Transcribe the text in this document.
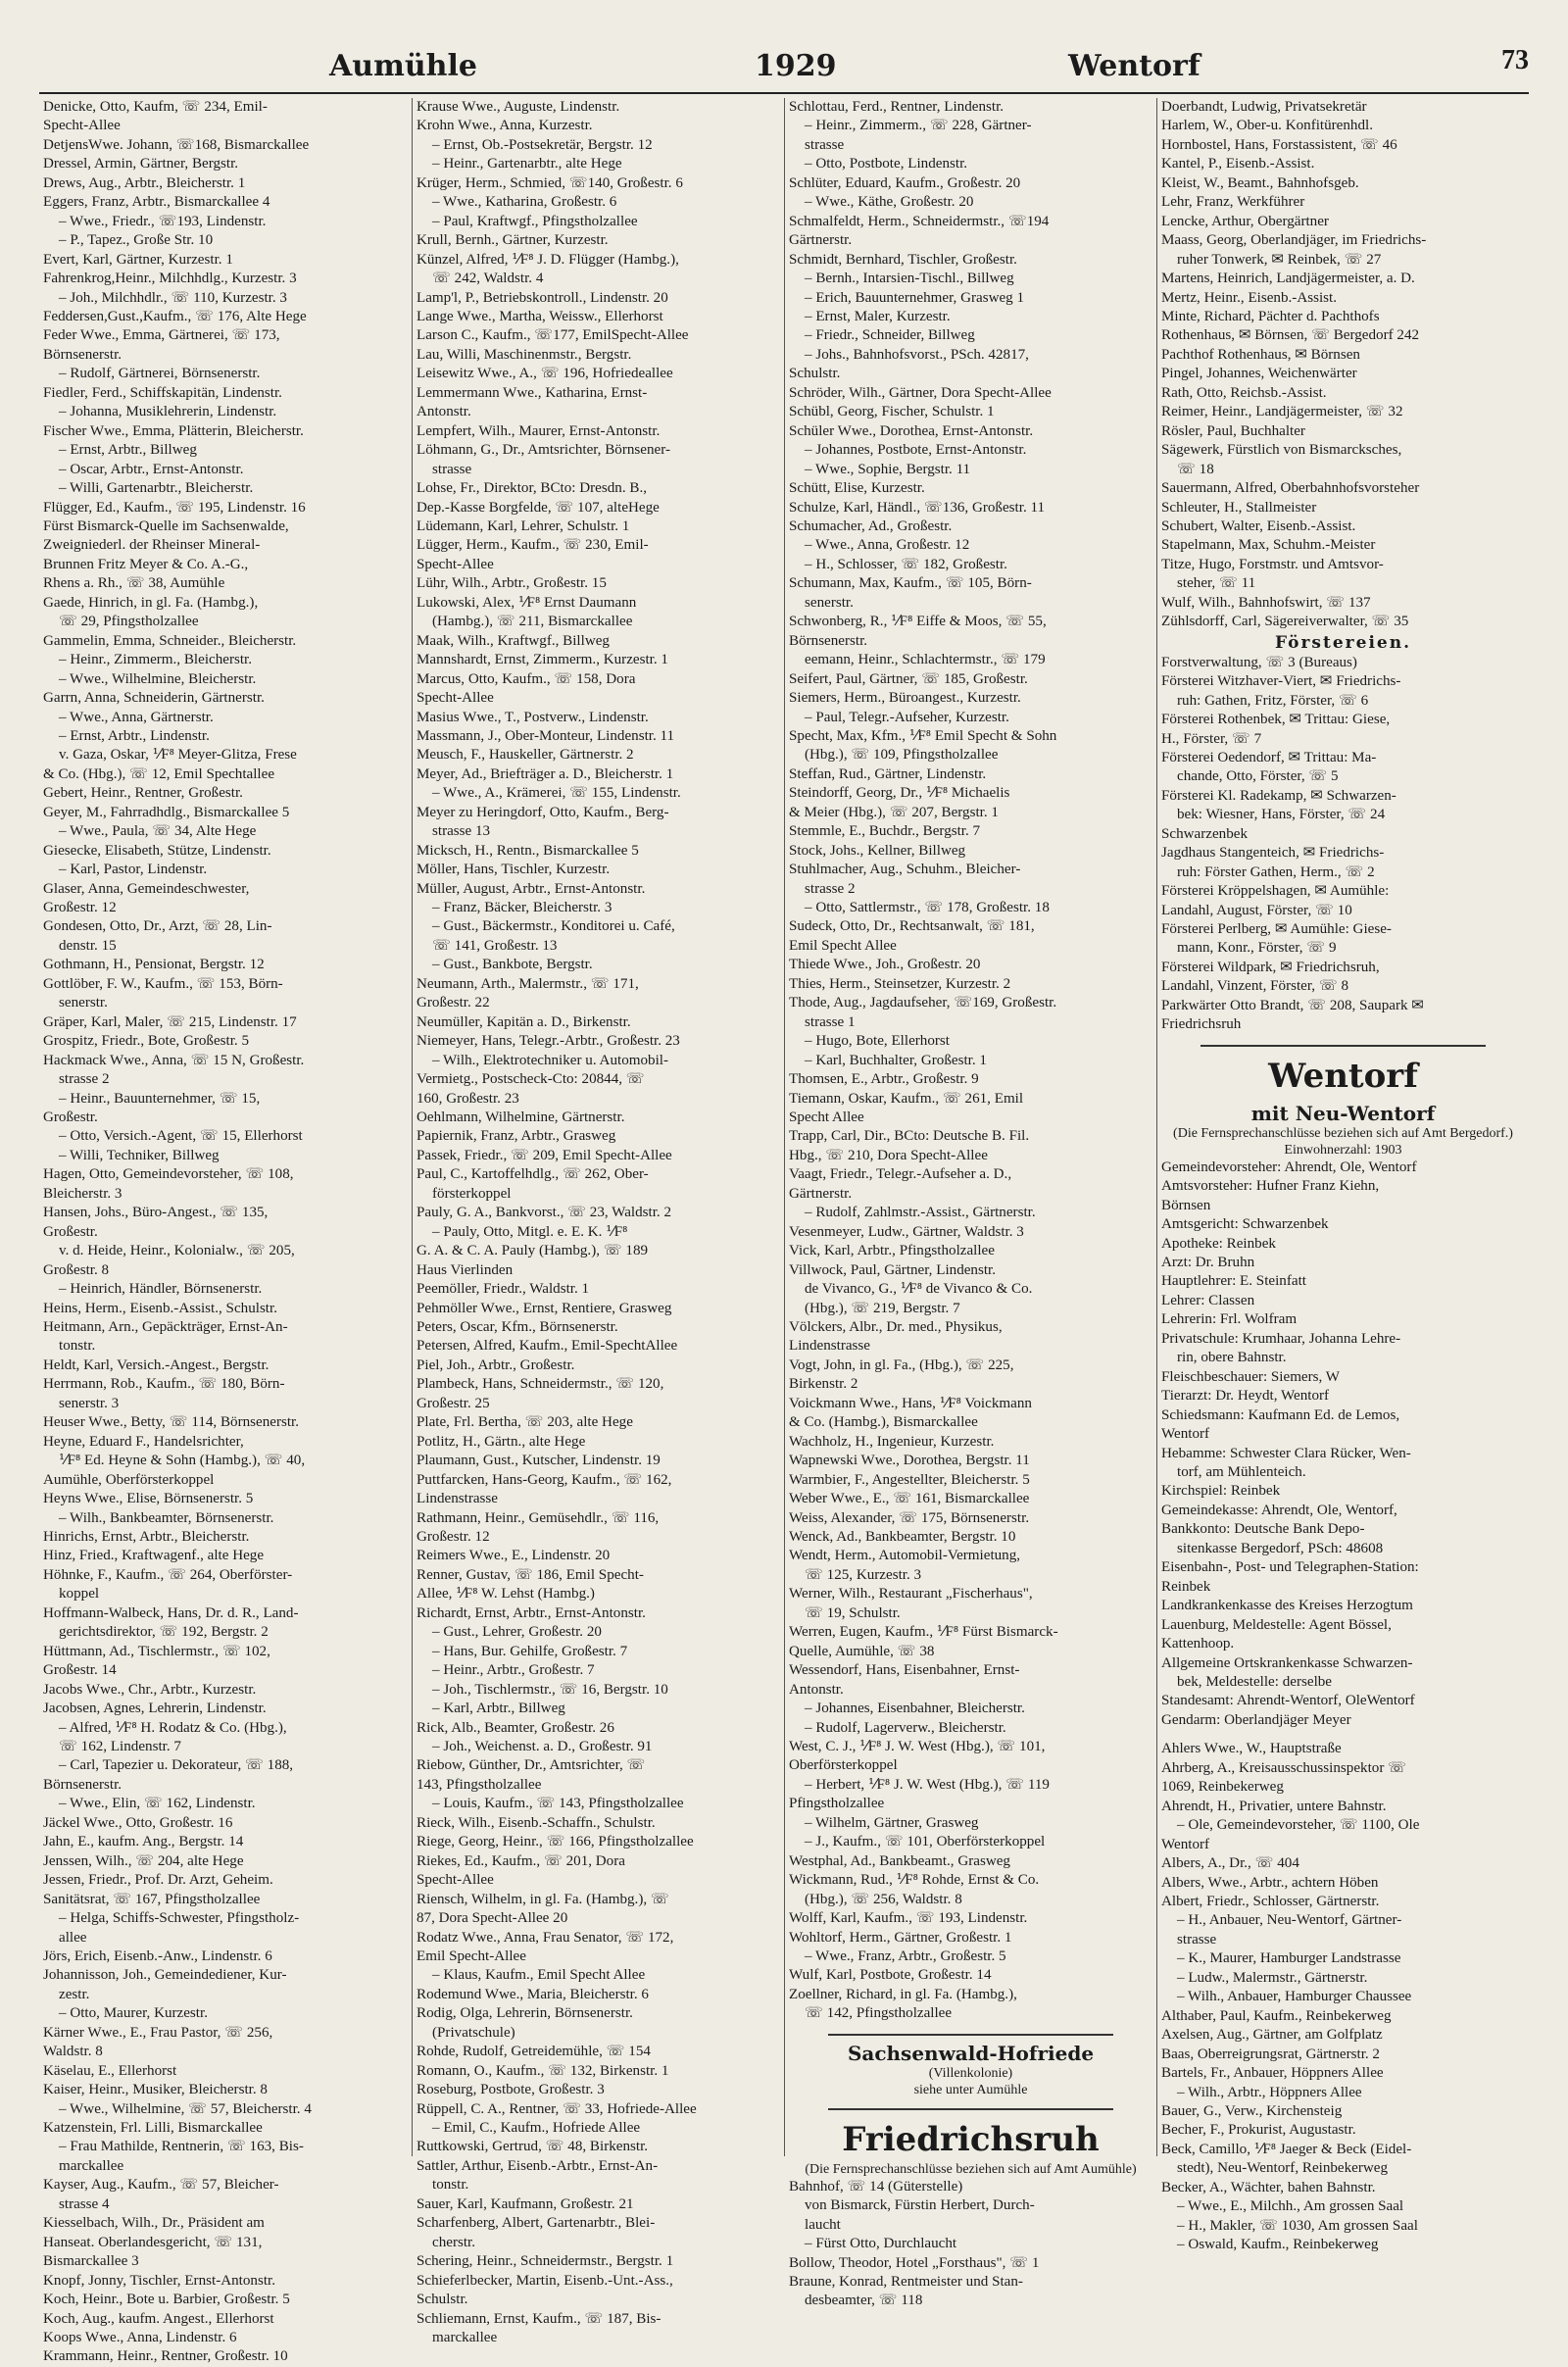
Aumühle	1929	Wentorf	73
Denicke, Otto, Kaufm, ☏ 234, Emil-
Specht-Allee
DetjensWwe. Johann, ☏168, Bismarckallee
Dressel, Armin, Gärtner, Bergstr.
Drews, Aug., Arbtr., Bleicherstr. 1
Eggers, Franz, Arbtr., Bismarckallee 4
– Wwe., Friedr., ☏193, Lindenstr.
– P., Tapez., Große Str. 10
Evert, Karl, Gärtner, Kurzestr. 1
Fahrenkrog,Heinr., Milchhdlg., Kurzestr. 3
– Joh., Milchhdlr., ☏ 110, Kurzestr. 3
Feddersen,Gust.,Kaufm., ☏ 176, Alte Hege
Feder Wwe., Emma, Gärtnerei, ☏ 173,
Börnsenerstr.
– Rudolf, Gärtnerei, Börnsenerstr.
Fiedler, Ferd., Schiffskapitän, Lindenstr.
– Johanna, Musiklehrerin, Lindenstr.
Fischer Wwe., Emma, Plätterin, Bleicherstr.
– Ernst, Arbtr., Billweg
– Oscar, Arbtr., Ernst-Antonstr.
– Willi, Gartenarbtr., Bleicherstr.
Flügger, Ed., Kaufm., ☏ 195, Lindenstr. 16
Fürst Bismarck-Quelle im Sachsenwalde,
Zweigniederl. der Rheinser Mineral-
Brunnen Fritz Meyer & Co. A.-G.,
Rhens a. Rh., ☏ 38, Aumühle
Gaede, Hinrich, in gl. Fa. (Hambg.),
☏ 29, Pfingstholzallee
Gammelin, Emma, Schneider., Bleicherstr.
– Heinr., Zimmerm., Bleicherstr.
– Wwe., Wilhelmine, Bleicherstr.
Garrn, Anna, Schneiderin, Gärtnerstr.
– Wwe., Anna, Gärtnerstr.
– Ernst, Arbtr., Lindenstr.
v. Gaza, Oskar, ⅟F⁸ Meyer-Glitza, Frese
& Co. (Hbg.), ☏ 12, Emil Spechtallee
Gebert, Heinr., Rentner, Großestr.
Geyer, M., Fahrradhdlg., Bismarckallee 5
– Wwe., Paula, ☏ 34, Alte Hege
Giesecke, Elisabeth, Stütze, Lindenstr.
– Karl, Pastor, Lindenstr.
Glaser, Anna, Gemeindeschwester,
Großestr. 12
Gondesen, Otto, Dr., Arzt, ☏ 28, Lin-
denstr. 15
Gothmann, H., Pensionat, Bergstr. 12
Gottlöber, F. W., Kaufm., ☏ 153, Börn-
senerstr.
Gräper, Karl, Maler, ☏ 215, Lindenstr. 17
Grospitz, Friedr., Bote, Großestr. 5
Hackmack Wwe., Anna, ☏ 15 N, Großestr.
strasse 2
– Heinr., Bauunternehmer, ☏ 15,
Großestr.
– Otto, Versich.-Agent, ☏ 15, Ellerhorst
– Willi, Techniker, Billweg
Hagen, Otto, Gemeindevorsteher, ☏ 108,
Bleicherstr. 3
Hansen, Johs., Büro-Angest., ☏ 135,
Großestr.
v. d. Heide, Heinr., Kolonialw., ☏ 205,
Großestr. 8
– Heinrich, Händler, Börnsenerstr.
Heins, Herm., Eisenb.-Assist., Schulstr.
Heitmann, Arn., Gepäckträger, Ernst-An-
tonstr.
Heldt, Karl, Versich.-Angest., Bergstr.
Herrmann, Rob., Kaufm., ☏ 180, Börn-
senerstr. 3
Heuser Wwe., Betty, ☏ 114, Börnsenerstr.
Heyne, Eduard F., Handelsrichter,
⅟F⁸ Ed. Heyne & Sohn (Hambg.), ☏ 40,
Aumühle, Oberförsterkoppel
Heyns Wwe., Elise, Börnsenerstr. 5
– Wilh., Bankbeamter, Börnsenerstr.
Hinrichs, Ernst, Arbtr., Bleicherstr.
Hinz, Fried., Kraftwagenf., alte Hege
Höhnke, F., Kaufm., ☏ 264, Oberförster-
koppel
Hoffmann-Walbeck, Hans, Dr. d. R., Land-
gerichtsdirektor, ☏ 192, Bergstr. 2
Hüttmann, Ad., Tischlermstr., ☏ 102,
Großestr. 14
Jacobs Wwe., Chr., Arbtr., Kurzestr.
Jacobsen, Agnes, Lehrerin, Lindenstr.
– Alfred, ⅟F⁸ H. Rodatz & Co. (Hbg.),
☏ 162, Lindenstr. 7
– Carl, Tapezier u. Dekorateur, ☏ 188,
Börnsenerstr.
– Wwe., Elin, ☏ 162, Lindenstr.
Jäckel Wwe., Otto, Großestr. 16
Jahn, E., kaufm. Ang., Bergstr. 14
Jenssen, Wilh., ☏ 204, alte Hege
Jessen, Friedr., Prof. Dr. Arzt, Geheim.
Sanitätsrat, ☏ 167, Pfingstholzallee
– Helga, Schiffs-Schwester, Pfingstholz-
allee
Jörs, Erich, Eisenb.-Anw., Lindenstr. 6
Johannisson, Joh., Gemeindediener, Kur-
zestr.
– Otto, Maurer, Kurzestr.
Kärner Wwe., E., Frau Pastor, ☏ 256,
Waldstr. 8
Käselau, E., Ellerhorst
Kaiser, Heinr., Musiker, Bleicherstr. 8
– Wwe., Wilhelmine, ☏ 57, Bleicherstr. 4
Katzenstein, Frl. Lilli, Bismarckallee
– Frau Mathilde, Rentnerin, ☏ 163, Bis-
marckallee
Kayser, Aug., Kaufm., ☏ 57, Bleicher-
strasse 4
Kiesselbach, Wilh., Dr., Präsident am
Hanseat. Oberlandesgericht, ☏ 131,
Bismarckallee 3
Knopf, Jonny, Tischler, Ernst-Antonstr.
Koch, Heinr., Bote u. Barbier, Großestr. 5
Koch, Aug., kaufm. Angest., Ellerhorst
Koops Wwe., Anna, Lindenstr. 6
Krammann, Heinr., Rentner, Großestr. 10
Krause Wwe., Auguste, Lindenstr.
Krohn Wwe., Anna, Kurzestr.
– Ernst, Ob.-Postsekretär, Bergstr. 12
– Heinr., Gartenarbtr., alte Hege
Krüger, Herm., Schmied, ☏140, Großestr. 6
– Wwe., Katharina, Großestr. 6
– Paul, Kraftwgf., Pfingstholzallee
Krull, Bernh., Gärtner, Kurzestr.
Künzel, Alfred, ⅟F⁸ J. D. Flügger (Hambg.),
☏ 242, Waldstr. 4
Lamp'l, P., Betriebskontroll., Lindenstr. 20
Lange Wwe., Martha, Weissw., Ellerhorst
Larson C., Kaufm., ☏177, EmilSpecht-Allee
Lau, Willi, Maschinenmstr., Bergstr.
Leisewitz Wwe., A., ☏ 196, Hofriedeallee
Lemmermann Wwe., Katharina, Ernst-
Antonstr.
Lempfert, Wilh., Maurer, Ernst-Antonstr.
Löhmann, G., Dr., Amtsrichter, Börnsener-
strasse
Lohse, Fr., Direktor, BCto: Dresdn. B.,
Dep.-Kasse Borgfelde, ☏ 107, alteHege
Lüdemann, Karl, Lehrer, Schulstr. 1
Lügger, Herm., Kaufm., ☏ 230, Emil-
Specht-Allee
Lühr, Wilh., Arbtr., Großestr. 15
Lukowski, Alex, ⅟F⁸ Ernst Daumann
(Hambg.), ☏ 211, Bismarckallee
Maak, Wilh., Kraftwgf., Billweg
Mannshardt, Ernst, Zimmerm., Kurzestr. 1
Marcus, Otto, Kaufm., ☏ 158, Dora
Specht-Allee
Masius Wwe., T., Postverw., Lindenstr.
Massmann, J., Ober-Monteur, Lindenstr. 11
Meusch, F., Hauskeller, Gärtnerstr. 2
Meyer, Ad., Briefträger a. D., Bleicherstr. 1
– Wwe., A., Krämerei, ☏ 155, Lindenstr.
Meyer zu Heringdorf, Otto, Kaufm., Berg-
strasse 13
Micksch, H., Rentn., Bismarckallee 5
Möller, Hans, Tischler, Kurzestr.
Müller, August, Arbtr., Ernst-Antonstr.
– Franz, Bäcker, Bleicherstr. 3
– Gust., Bäckermstr., Konditorei u. Café,
☏ 141, Großestr. 13
– Gust., Bankbote, Bergstr.
Neumann, Arth., Malermstr., ☏ 171,
Großestr. 22
Neumüller, Kapitän a. D., Birkenstr.
Niemeyer, Hans, Telegr.-Arbtr., Großestr. 23
– Wilh., Elektrotechniker u. Automobil-
Vermietg., Postscheck-Cto: 20844, ☏
160, Großestr. 23
Oehlmann, Wilhelmine, Gärtnerstr.
Papiernik, Franz, Arbtr., Grasweg
Passek, Friedr., ☏ 209, Emil Specht-Allee
Paul, C., Kartoffelhdlg., ☏ 262, Ober-
försterkoppel
Pauly, G. A., Bankvorst., ☏ 23, Waldstr. 2
– Pauly, Otto, Mitgl. e. E. K. ⅟F⁸
G. A. & C. A. Pauly (Hambg.), ☏ 189
Haus Vierlinden
Peemöller, Friedr., Waldstr. 1
Pehmöller Wwe., Ernst, Rentiere, Grasweg
Peters, Oscar, Kfm., Börnsenerstr.
Petersen, Alfred, Kaufm., Emil-SpechtAllee
Piel, Joh., Arbtr., Großestr.
Plambeck, Hans, Schneidermstr., ☏ 120,
Großestr. 25
Plate, Frl. Bertha, ☏ 203, alte Hege
Potlitz, H., Gärtn., alte Hege
Plaumann, Gust., Kutscher, Lindenstr. 19
Puttfarcken, Hans-Georg, Kaufm., ☏ 162,
Lindenstrasse
Rathmann, Heinr., Gemüsehdlr., ☏ 116,
Großestr. 12
Reimers Wwe., E., Lindenstr. 20
Renner, Gustav, ☏ 186, Emil Specht-
Allee, ⅟F⁸ W. Lehst (Hambg.)
Richardt, Ernst, Arbtr., Ernst-Antonstr.
– Gust., Lehrer, Großestr. 20
– Hans, Bur. Gehilfe, Großestr. 7
– Heinr., Arbtr., Großestr. 7
– Joh., Tischlermstr., ☏ 16, Bergstr. 10
– Karl, Arbtr., Billweg
Rick, Alb., Beamter, Großestr. 26
– Joh., Weichenst. a. D., Großestr. 91
Riebow, Günther, Dr., Amtsrichter, ☏
143, Pfingstholzallee
– Louis, Kaufm., ☏ 143, Pfingstholzallee
Rieck, Wilh., Eisenb.-Schaffn., Schulstr.
Riege, Georg, Heinr., ☏ 166, Pfingstholzallee
Riekes, Ed., Kaufm., ☏ 201, Dora
Specht-Allee
Riensch, Wilhelm, in gl. Fa. (Hambg.), ☏
87, Dora Specht-Allee 20
Rodatz Wwe., Anna, Frau Senator, ☏ 172,
Emil Specht-Allee
– Klaus, Kaufm., Emil Specht Allee
Rodemund Wwe., Maria, Bleicherstr. 6
Rodig, Olga, Lehrerin, Börnsenerstr.
(Privatschule)
Rohde, Rudolf, Getreidemühle, ☏ 154
Romann, O., Kaufm., ☏ 132, Birkenstr. 1
Roseburg, Postbote, Großestr. 3
Rüppell, C. A., Rentner, ☏ 33, Hofriede-Allee
– Emil, C., Kaufm., Hofriede Allee
Ruttkowski, Gertrud, ☏ 48, Birkenstr.
Sattler, Arthur, Eisenb.-Arbtr., Ernst-An-
tonstr.
Sauer, Karl, Kaufmann, Großestr. 21
Scharfenberg, Albert, Gartenarbtr., Blei-
cherstr.
Schering, Heinr., Schneidermstr., Bergstr. 1
Schieferlbecker, Martin, Eisenb.-Unt.-Ass.,
Schulstr.
Schliemann, Ernst, Kaufm., ☏ 187, Bis-
marckallee
Schlottau, Ferd., Rentner, Lindenstr.
– Heinr., Zimmerm., ☏ 228, Gärtner-
strasse
– Otto, Postbote, Lindenstr.
Schlüter, Eduard, Kaufm., Großestr. 20
– Wwe., Käthe, Großestr. 20
Schmalfeldt, Herm., Schneidermstr., ☏194
Gärtnerstr.
Schmidt, Bernhard, Tischler, Großestr.
– Bernh., Intarsien-Tischl., Billweg
– Erich, Bauunternehmer, Grasweg 1
– Ernst, Maler, Kurzestr.
– Friedr., Schneider, Billweg
– Johs., Bahnhofsvorst., PSch. 42817,
Schulstr.
Schröder, Wilh., Gärtner, Dora Specht-Allee
Schübl, Georg, Fischer, Schulstr. 1
Schüler Wwe., Dorothea, Ernst-Antonstr.
– Johannes, Postbote, Ernst-Antonstr.
– Wwe., Sophie, Bergstr. 11
Schütt, Elise, Kurzestr.
Schulze, Karl, Händl., ☏136, Großestr. 11
Schumacher, Ad., Großestr.
– Wwe., Anna, Großestr. 12
– H., Schlosser, ☏ 182, Großestr.
Schumann, Max, Kaufm., ☏ 105, Börn-
senerstr.
Schwonberg, R., ⅟F⁸ Eiffe & Moos, ☏ 55,
Börnsenerstr.
eemann, Heinr., Schlachtermstr., ☏ 179
Seifert, Paul, Gärtner, ☏ 185, Großestr.
Siemers, Herm., Büroangest., Kurzestr.
– Paul, Telegr.-Aufseher, Kurzestr.
Specht, Max, Kfm., ⅟F⁸ Emil Specht & Sohn
(Hbg.), ☏ 109, Pfingstholzallee
Steffan, Rud., Gärtner, Lindenstr.
Steindorff, Georg, Dr., ⅟F⁸ Michaelis
& Meier (Hbg.), ☏ 207, Bergstr. 1
Stemmle, E., Buchdr., Bergstr. 7
Stock, Johs., Kellner, Billweg
Stuhlmacher, Aug., Schuhm., Bleicher-
strasse 2
– Otto, Sattlermstr., ☏ 178, Großestr. 18
Sudeck, Otto, Dr., Rechtsanwalt, ☏ 181,
Emil Specht Allee
Thiede Wwe., Joh., Großestr. 20
Thies, Herm., Steinsetzer, Kurzestr. 2
Thode, Aug., Jagdaufseher, ☏169, Großestr.
strasse 1
– Hugo, Bote, Ellerhorst
– Karl, Buchhalter, Großestr. 1
Thomsen, E., Arbtr., Großestr. 9
Tiemann, Oskar, Kaufm., ☏ 261, Emil
Specht Allee
Trapp, Carl, Dir., BCto: Deutsche B. Fil.
Hbg., ☏ 210, Dora Specht-Allee
Vaagt, Friedr., Telegr.-Aufseher a. D.,
Gärtnerstr.
– Rudolf, Zahlmstr.-Assist., Gärtnerstr.
Vesenmeyer, Ludw., Gärtner, Waldstr. 3
Vick, Karl, Arbtr., Pfingstholzallee
Villwock, Paul, Gärtner, Lindenstr.
de Vivanco, G., ⅟F⁸ de Vivanco & Co.
(Hbg.), ☏ 219, Bergstr. 7
Völckers, Albr., Dr. med., Physikus,
Lindenstrasse
Vogt, John, in gl. Fa., (Hbg.), ☏ 225,
Birkenstr. 2
Voickmann Wwe., Hans, ⅟F⁸ Voickmann
& Co. (Hambg.), Bismarckallee
Wachholz, H., Ingenieur, Kurzestr.
Wapnewski Wwe., Dorothea, Bergstr. 11
Warmbier, F., Angestellter, Bleicherstr. 5
Weber Wwe., E., ☏ 161, Bismarckallee
Weiss, Alexander, ☏ 175, Börnsenerstr.
Wenck, Ad., Bankbeamter, Bergstr. 10
Wendt, Herm., Automobil-Vermietung,
☏ 125, Kurzestr. 3
Werner, Wilh., Restaurant „Fischerhaus",
☏ 19, Schulstr.
Werren, Eugen, Kaufm., ⅟F⁸ Fürst Bismarck-
Quelle, Aumühle, ☏ 38
Wessendorf, Hans, Eisenbahner, Ernst-
Antonstr.
– Johannes, Eisenbahner, Bleicherstr.
– Rudolf, Lagerverw., Bleicherstr.
West, C. J., ⅟F⁸ J. W. West (Hbg.), ☏ 101,
Oberförsterkoppel
– Herbert, ⅟F⁸ J. W. West (Hbg.), ☏ 119
Pfingstholzallee
– Wilhelm, Gärtner, Grasweg
– J., Kaufm., ☏ 101, Oberförsterkoppel
Westphal, Ad., Bankbeamt., Grasweg
Wickmann, Rud., ⅟F⁸ Rohde, Ernst & Co.
(Hbg.), ☏ 256, Waldstr. 8
Wolff, Karl, Kaufm., ☏ 193, Lindenstr.
Wohltorf, Herm., Gärtner, Großestr. 1
– Wwe., Franz, Arbtr., Großestr. 5
Wulf, Karl, Postbote, Großestr. 14
Zoellner, Richard, in gl. Fa. (Hambg.),
☏ 142, Pfingstholzallee
Sachsenwald-Hofriede
(Villenkolonie)
siehe unter Aumühle
Friedrichsruh
(Die Fernsprechanschlüsse beziehen sich auf Amt Aumühle)
Bahnhof, ☏ 14 (Güterstelle)
von Bismarck, Fürstin Herbert, Durch-
laucht
– Fürst Otto, Durchlaucht
Bollow, Theodor, Hotel „Forsthaus", ☏ 1
Braune, Konrad, Rentmeister und Stan-
desbeamter, ☏ 118
Doerbandt, Ludwig, Privatsekretär
Harlem, W., Ober-u. Konfitürenhdl.
Hornbostel, Hans, Forstassistent, ☏ 46
Kantel, P., Eisenb.-Assist.
Kleist, W., Beamt., Bahnhofsgeb.
Lehr, Franz, Werkführer
Lencke, Arthur, Obergärtner
Maass, Georg, Oberlandjäger, im Friedrichs-
ruher Tonwerk, ✉ Reinbek, ☏ 27
Martens, Heinrich, Landjägermeister, a. D.
Mertz, Heinr., Eisenb.-Assist.
Minte, Richard, Pächter d. Pachthofs
Rothenhaus, ✉ Börnsen, ☏ Bergedorf 242
Pachthof Rothenhaus, ✉ Börnsen
Pingel, Johannes, Weichenwärter
Rath, Otto, Reichsb.-Assist.
Reimer, Heinr., Landjägermeister, ☏ 32
Rösler, Paul, Buchhalter
Sägewerk, Fürstlich von Bismarcksches,
☏ 18
Sauermann, Alfred, Oberbahnhofsvorsteher
Schleuter, H., Stallmeister
Schubert, Walter, Eisenb.-Assist.
Stapelmann, Max, Schuhm.-Meister
Titze, Hugo, Forstmstr. und Amtsvor-
steher, ☏ 11
Wulf, Wilh., Bahnhofswirt, ☏ 137
Zühlsdorff, Carl, Sägereiverwalter, ☏ 35
Förstereien.
Forstverwaltung, ☏ 3 (Bureaus)
Försterei Witzhaver-Viert, ✉ Friedrichs-
ruh: Gathen, Fritz, Förster, ☏ 6
Försterei Rothenbek, ✉ Trittau: Giese,
H., Förster, ☏ 7
Försterei Oedendorf, ✉ Trittau: Ma-
chande, Otto, Förster, ☏ 5
Försterei Kl. Radekamp, ✉ Schwarzen-
bek: Wiesner, Hans, Förster, ☏ 24
Schwarzenbek
Jagdhaus Stangenteich, ✉ Friedrichs-
ruh: Förster Gathen, Herm., ☏ 2
Försterei Kröppelshagen, ✉ Aumühle:
Landahl, August, Förster, ☏ 10
Försterei Perlberg, ✉ Aumühle: Giese-
mann, Konr., Förster, ☏ 9
Försterei Wildpark, ✉ Friedrichsruh,
Landahl, Vinzent, Förster, ☏ 8
Parkwärter Otto Brandt, ☏ 208, Saupark ✉
Friedrichsruh
Wentorf
mit Neu-Wentorf
(Die Fernsprechanschlüsse beziehen sich auf Amt Bergedorf.)
Einwohnerzahl: 1903
Gemeindevorsteher: Ahrendt, Ole, Wentorf
Amtsvorsteher: Hufner Franz Kiehn,
Börnsen
Amtsgericht: Schwarzenbek
Apotheke: Reinbek
Arzt: Dr. Bruhn
Hauptlehrer: E. Steinfatt
Lehrer: Classen
Lehrerin: Frl. Wolfram
Privatschule: Krumhaar, Johanna Lehre-
rin, obere Bahnstr.
Fleischbeschauer: Siemers, W
Tierarzt: Dr. Heydt, Wentorf
Schiedsmann: Kaufmann Ed. de Lemos,
Wentorf
Hebamme: Schwester Clara Rücker, Wen-
torf, am Mühlenteich.
Kirchspiel: Reinbek
Gemeindekasse: Ahrendt, Ole, Wentorf,
Bankkonto: Deutsche Bank Depo-
sitenkasse Bergedorf, PSch: 48608
Eisenbahn-, Post- und Telegraphen-Station:
Reinbek
Landkrankenkasse des Kreises Herzogtum
Lauenburg, Meldestelle: Agent Bössel,
Kattenhoop.
Allgemeine Ortskrankenkasse Schwarzen-
bek, Meldestelle: derselbe
Standesamt: Ahrendt-Wentorf, OleWentorf
Gendarm: Oberlandjäger Meyer
Ahlers Wwe., W., Hauptstraße
Ahrberg, A., Kreisausschussinspektor ☏
1069, Reinbekerweg
Ahrendt, H., Privatier, untere Bahnstr.
– Ole, Gemeindevorsteher, ☏ 1100, Ole
Wentorf
Albers, A., Dr., ☏ 404
Albers, Wwe., Arbtr., achtern Höben
Albert, Friedr., Schlosser, Gärtnerstr.
– H., Anbauer, Neu-Wentorf, Gärtner-
strasse
– K., Maurer, Hamburger Landstrasse
– Ludw., Malermstr., Gärtnerstr.
– Wilh., Anbauer, Hamburger Chaussee
Althaber, Paul, Kaufm., Reinbekerweg
Axelsen, Aug., Gärtner, am Golfplatz
Baas, Oberreigrungsrat, Gärtnerstr. 2
Bartels, Fr., Anbauer, Höppners Allee
– Wilh., Arbtr., Höppners Allee
Bauer, G., Verw., Kirchensteig
Becher, F., Prokurist, Augustastr.
Beck, Camillo, ⅟F⁸ Jaeger & Beck (Eidel-
stedt), Neu-Wentorf, Reinbekerweg
Becker, A., Wächter, bahen Bahnstr.
– Wwe., E., Milchh., Am grossen Saal
– H., Makler, ☏ 1030, Am grossen Saal
– Oswald, Kaufm., Reinbekerweg
